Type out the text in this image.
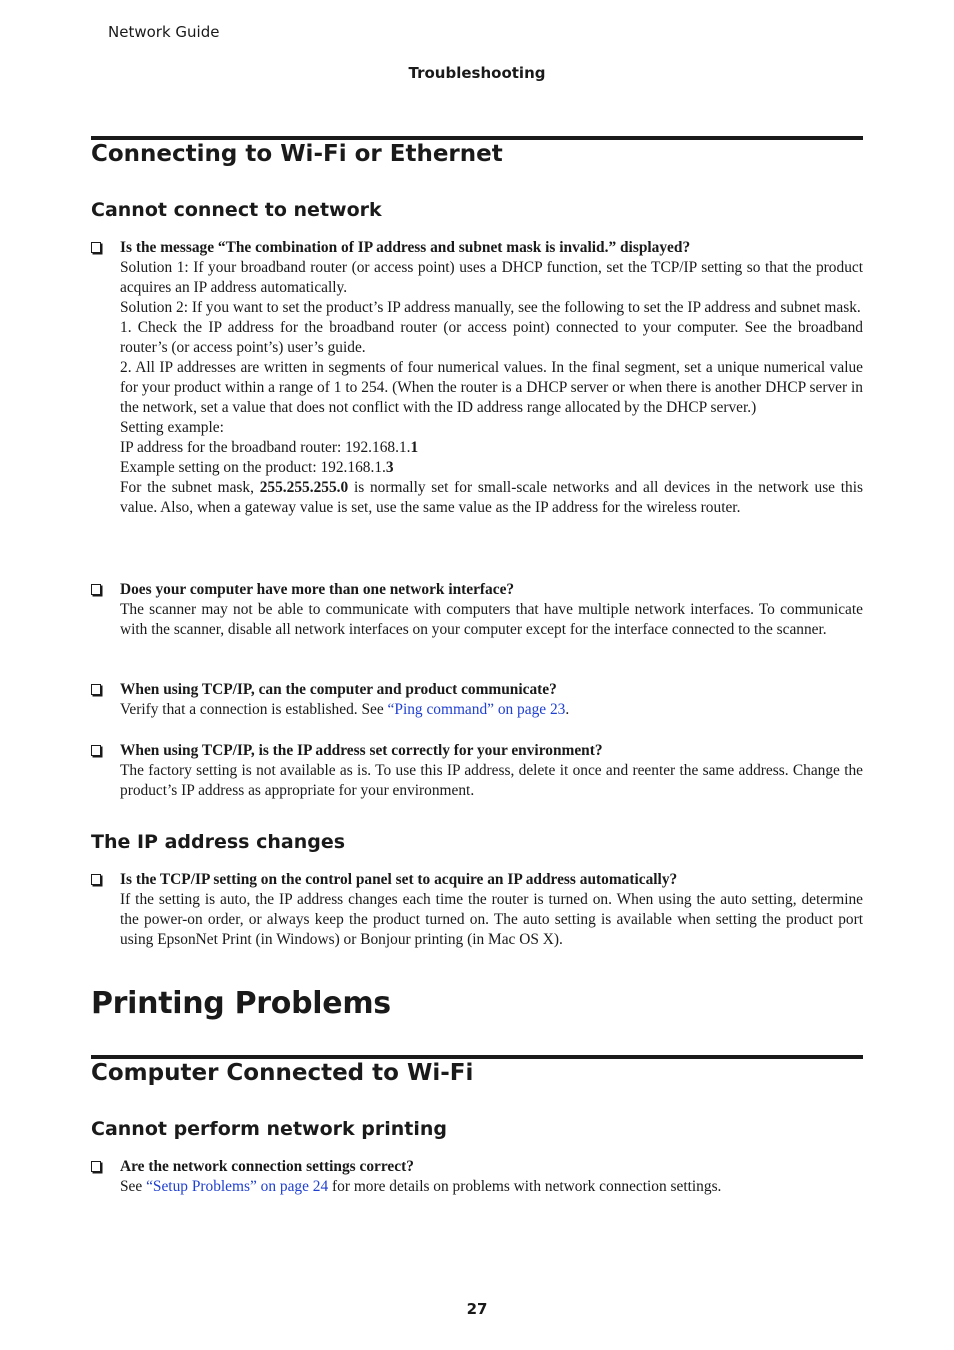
Network Guide
Troubleshooting
Connecting to Wi-Fi or Ethernet
Cannot connect to network

Is the message “The combination of IP address and subnet mask is invalid.” displayed?

Solution 1: If your broadband router (or access point) uses a DHCP function, set the TCP/IP setting so that the product acquires an IP address automatically.

Solution 2: If you want to set the product’s IP address manually, see the following to set the IP address and subnet mask.

1. Check the IP address for the broadband router (or access point) connected to your computer. See the broadband router’s (or access point’s) user’s guide.

2. All IP addresses are written in segments of four numerical values. In the final segment, set a unique numerical value for your product within a range of 1 to 254. (When the router is a DHCP server or when there is another DHCP server in the network, set a value that does not conflict with the ID address range allocated by the DHCP server.)

Setting example:

IP address for the broadband router: 192.168.1.1

Example setting on the product: 192.168.1.3

For the subnet mask, 255.255.255.0 is normally set for small-scale networks and all devices in the network use this value. Also, when a gateway value is set, use the same value as the IP address for the wireless router.

Does your computer have more than one network interface?

The scanner may not be able to communicate with computers that have multiple network interfaces. To communicate with the scanner, disable all network interfaces on your computer except for the interface connected to the scanner.

When using TCP/IP, can the computer and product communicate?

Verify that a connection is established. See “Ping command” on page 23.

When using TCP/IP, is the IP address set correctly for your environment?

The factory setting is not available as is. To use this IP address, delete it once and reenter the same address. Change the product’s IP address as appropriate for your environment.

The IP address changes

Is the TCP/IP setting on the control panel set to acquire an IP address automatically?

If the setting is auto, the IP address changes each time the router is turned on. When using the auto setting, determine the power-on order, or always keep the product turned on. The auto setting is available when setting the product port using EpsonNet Print (in Windows) or Bonjour printing (in Mac OS X).

Printing Problems
Computer Connected to Wi-Fi
Cannot perform network printing

Are the network connection settings correct?

See “Setup Problems” on page 24 for more details on problems with network connection settings.

27
